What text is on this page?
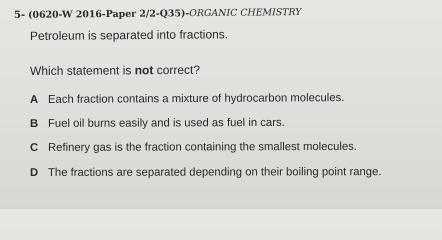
5- (0620-W 2016-Paper 2/2-Q35)-ORGANIC CHEMISTRY
Petroleum is separated into fractions.
Which statement is not correct?
A Each fraction contains a mixture of hydrocarbon molecules.
B Fuel oil burns easily and is used as fuel in cars.
C Refinery gas is the fraction containing the smallest molecules.
D The fractions are separated depending on their boiling point range.
